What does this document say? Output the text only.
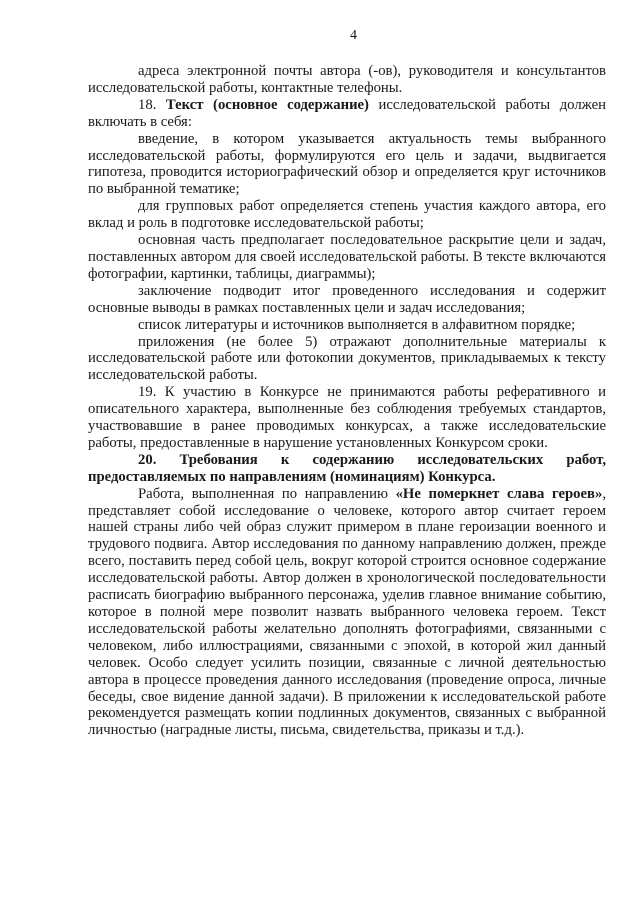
4

адреса электронной почты автора (-ов), руководителя и консультантов исследовательской работы, контактные телефоны.

18. Текст (основное содержание) исследовательской работы должен включать в себя:

введение, в котором указывается актуальность темы выбранного исследовательской работы, формулируются его цель и задачи, выдвигается гипотеза, проводится историографический обзор и определяется круг источников по выбранной тематике;

для групповых работ определяется степень участия каждого автора, его вклад и роль в подготовке исследовательской работы;

основная часть предполагает последовательное раскрытие цели и задач, поставленных автором для своей исследовательской работы. В тексте включаются фотографии, картинки, таблицы, диаграммы);

заключение подводит итог проведенного исследования и содержит основные выводы в рамках поставленных цели и задач исследования;

список литературы и источников выполняется в алфавитном порядке;

приложения (не более 5) отражают дополнительные материалы к исследовательской работе или фотокопии документов, прикладываемых к тексту исследовательской работы.

19. К участию в Конкурсе не принимаются работы реферативного и описательного характера, выполненные без соблюдения требуемых стандартов, участвовавшие в ранее проводимых конкурсах, а также исследовательские работы, предоставленные в нарушение установленных Конкурсом сроки.

20. Требования к содержанию исследовательских работ, предоставляемых по направлениям (номинациям) Конкурса.

Работа, выполненная по направлению «Не померкнет слава героев», представляет собой исследование о человеке, которого автор считает героем нашей страны либо чей образ служит примером в плане героизации военного и трудового подвига. Автор исследования по данному направлению должен, прежде всего, поставить перед собой цель, вокруг которой строится основное содержание исследовательской работы. Автор должен в хронологической последовательности расписать биографию выбранного персонажа, уделив главное внимание событию, которое в полной мере позволит назвать выбранного человека героем. Текст исследовательской работы желательно дополнять фотографиями, связанными с человеком, либо иллюстрациями, связанными с эпохой, в которой жил данный человек. Особо следует усилить позиции, связанные с личной деятельностью автора в процессе проведения данного исследования (проведение опроса, личные беседы, свое видение данной задачи). В приложении к исследовательской работе рекомендуется размещать копии подлинных документов, связанных с выбранной личностью (наградные листы, письма, свидетельства, приказы и т.д.).
